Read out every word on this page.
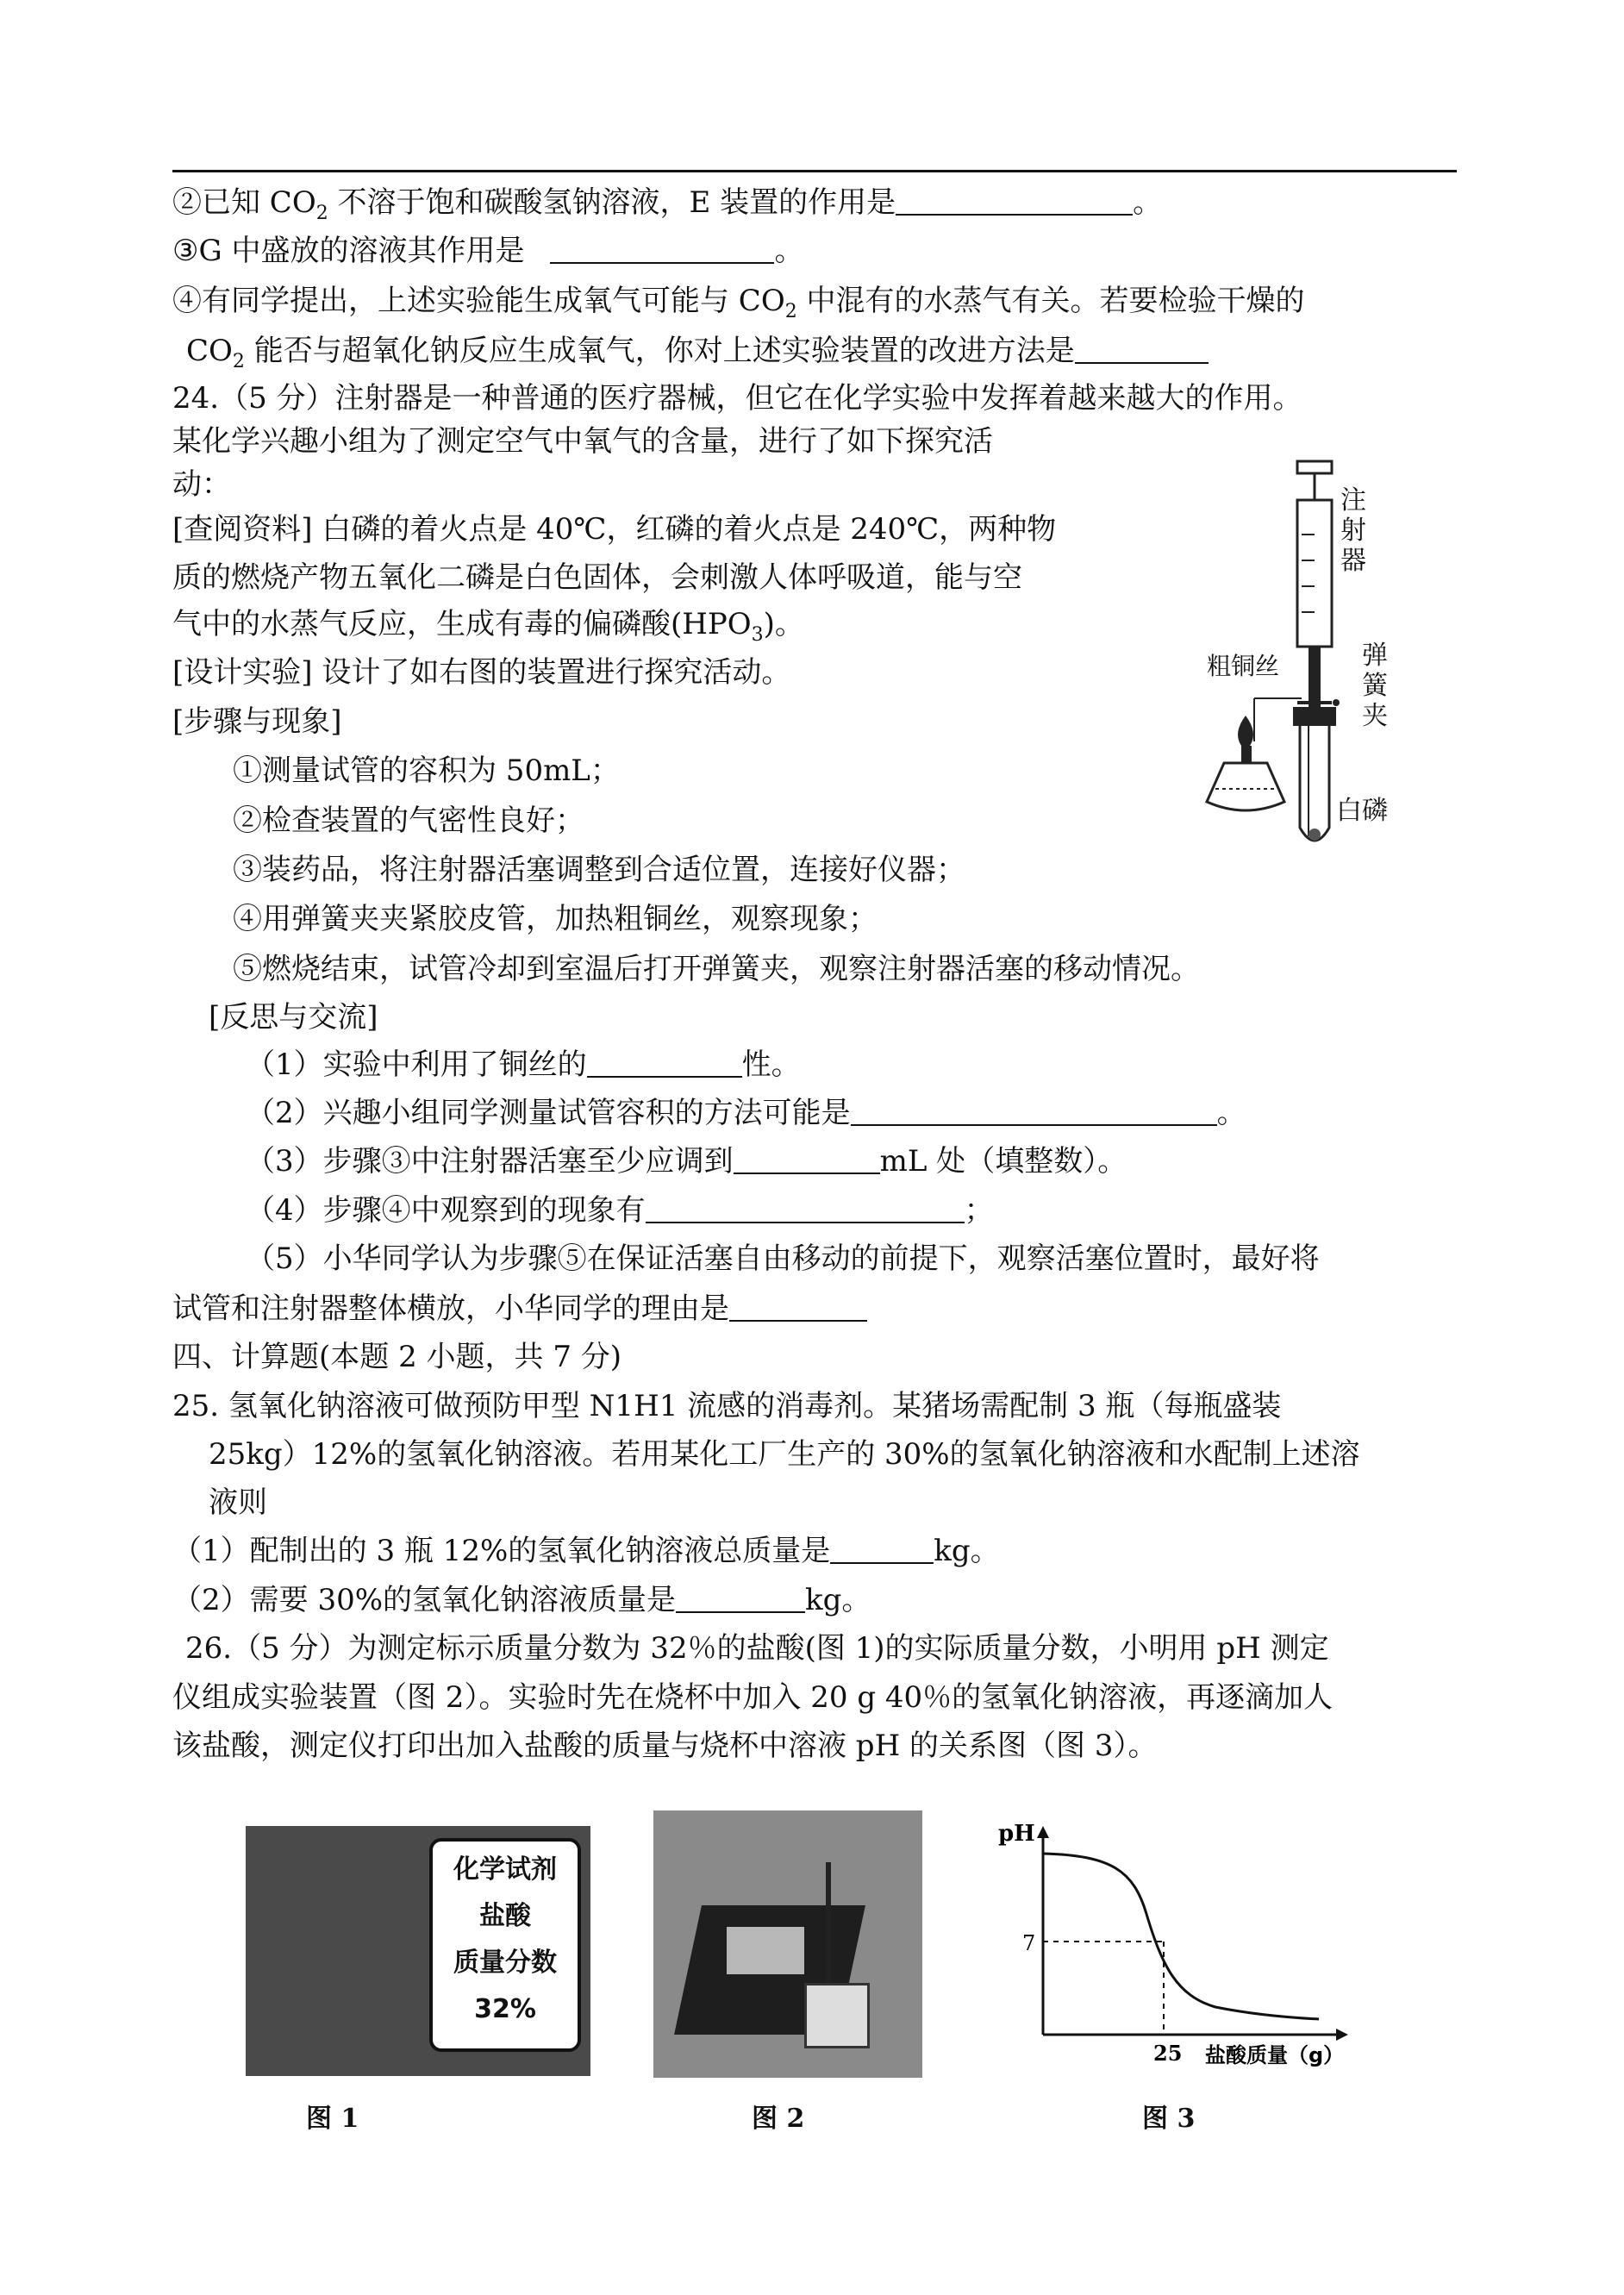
②已知 $CO_2$ 不溶于饱和碳酸氢钠溶液，E 装置的作用是	。
③G 中盛放的溶液其作用是	。
④有同学提出，上述实验能生成氧气可能与 $CO_2$ 中混有的水蒸气有关。若要检验干燥的
$CO_2$ 能否与超氧化钠反应生成氧气，你对上述实验装置的改进方法是
24.（5 分）注射器是一种普通的医疗器械，但它在化学实验中发挥着越来越大的作用。
某化学兴趣小组为了测定空气中氧气的含量，进行了如下探究活
动：
[查阅资料] 白磷的着火点是 40℃，红磷的着火点是 240℃，两种物
质的燃烧产物五氧化二磷是白色固体，会刺激人体呼吸道，能与空
气中的水蒸气反应，生成有毒的偏磷酸$(HPO_3)$。
[设计实验] 设计了如右图的装置进行探究活动。
[步骤与现象]
①测量试管的容积为 50mL；
②检查装置的气密性良好；
③装药品，将注射器活塞调整到合适位置，连接好仪器；
④用弹簧夹夹紧胶皮管，加热粗铜丝，观察现象；
⑤燃烧结束，试管冷却到室温后打开弹簧夹，观察注射器活塞的移动情况。
[反思与交流]
（1）实验中利用了铜丝的	性。
（2）兴趣小组同学测量试管容积的方法可能是	。
（3）步骤③中注射器活塞至少应调到	mL 处（填整数）。
（4）步骤④中观察到的现象有	；
（5）小华同学认为步骤⑤在保证活塞自由移动的前提下，观察活塞位置时，最好将
试管和注射器整体横放，小华同学的理由是
注
射
器
弹
簧
夹
粗铜丝
白磷
四、计算题(本题 2 小题，共 7 分)
25. 氢氧化钠溶液可做预防甲型 N1H1 流感的消毒剂。某猪场需配制 3 瓶（每瓶盛装
25kg）12%的氢氧化钠溶液。若用某化工厂生产的 30%的氢氧化钠溶液和水配制上述溶
液则
（1）配制出的 3 瓶 12%的氢氧化钠溶液总质量是	kg。
（2）需要 30%的氢氧化钠溶液质量是	kg。
26.（5 分）为测定标示质量分数为 32％的盐酸(图 1)的实际质量分数，小明用 pH 测定
仪组成实验装置（图 2）。实验时先在烧杯中加入 20 g 40％的氢氧化钠溶液，再逐滴加人
该盐酸，测定仪打印出加入盐酸的质量与烧杯中溶液 pH 的关系图（图 3）。
化学试剂
盐酸
质量分数
32%
图 1	图 2
pH
7
25 盐酸质量（g）
图 3
